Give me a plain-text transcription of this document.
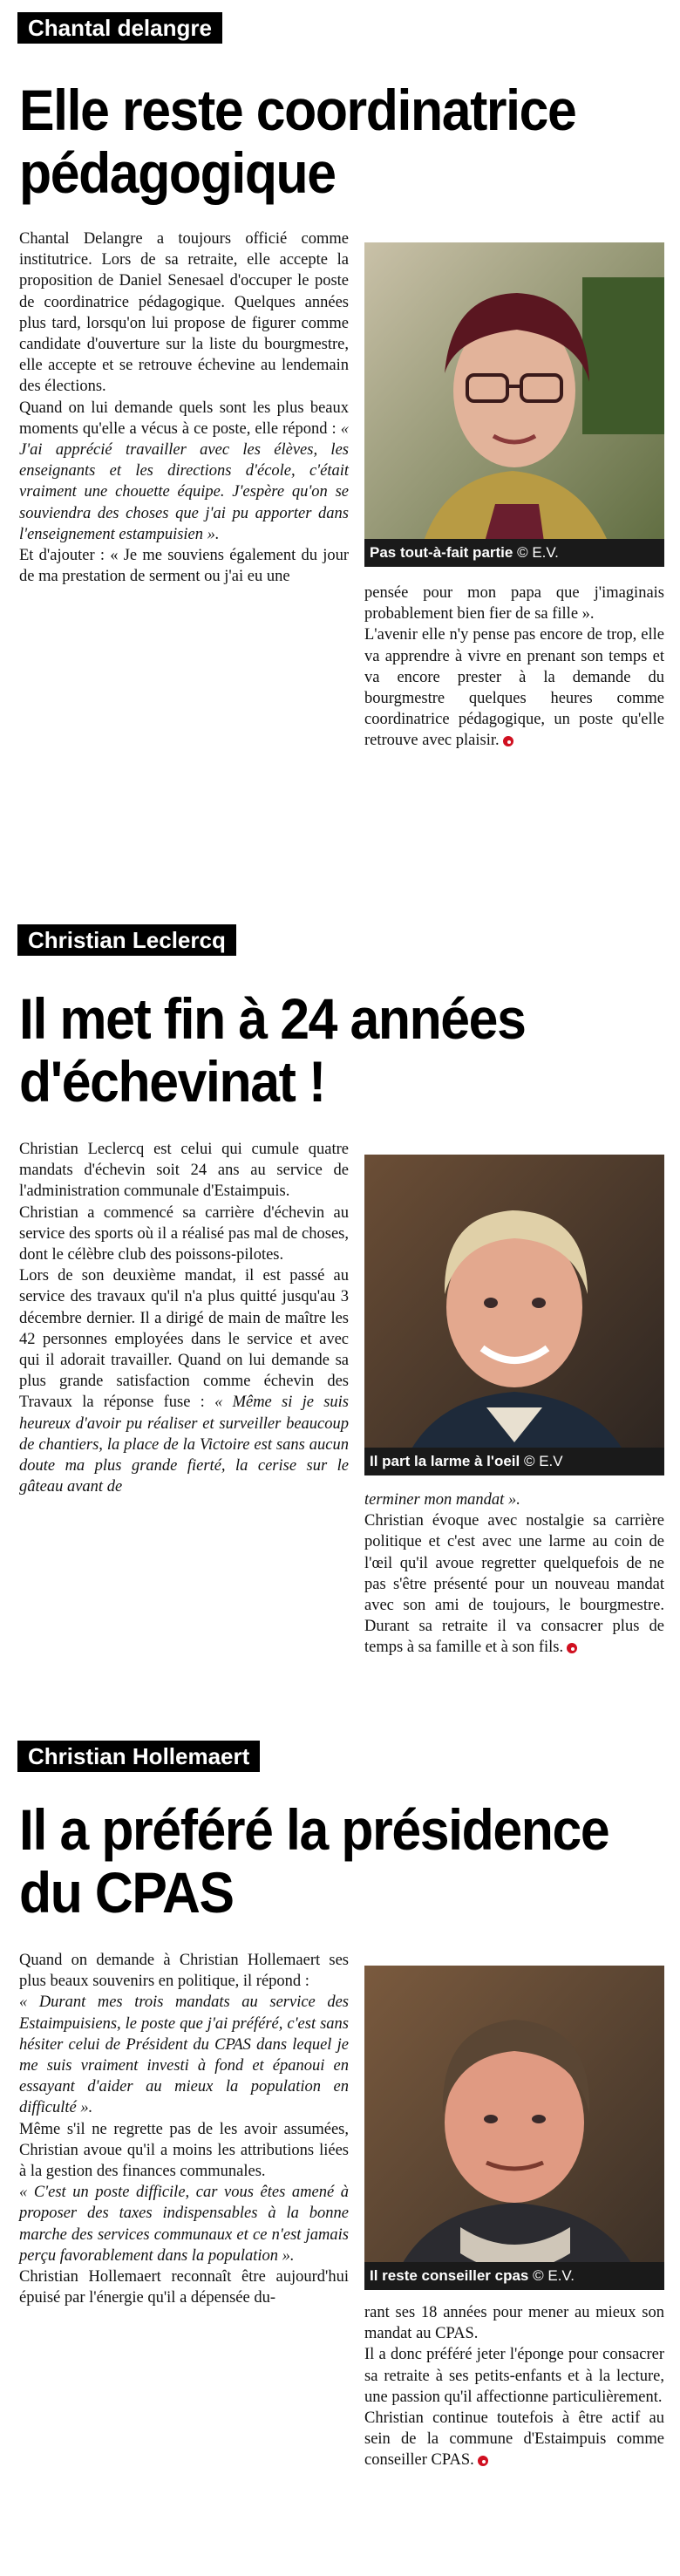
Chantal delangre
Elle reste coordinatrice pédagogique

Chantal Delangre a toujours officié comme institutrice. Lors de sa retraite, elle accepte la proposition de Daniel Senesael d'occuper le poste de coordinatrice pédagogique. Quelques années plus tard, lorsqu'on lui propose de figurer comme candidate d'ouverture sur la liste du bourgmestre, elle accepte et se retrouve échevine au lendemain des élections.

Quand on lui demande quels sont les plus beaux moments qu'elle a vécus à ce poste, elle répond : « J'ai apprécié travailler avec les élèves, les enseignants et les directions d'école, c'était vraiment une chouette équipe. J'espère qu'on se souviendra des choses que j'ai pu apporter dans l'enseignement estampuisien ».

Et d'ajouter : « Je me souviens également du jour de ma prestation de serment ou j'ai eu une

Pas tout-à-fait partie © E.V.

pensée pour mon papa que j'imaginais probablement bien fier de sa fille ».

L'avenir elle n'y pense pas encore de trop, elle va apprendre à vivre en prenant son temps et va encore prester à la demande du bourgmestre quelques heures comme coordinatrice pédagogique, un poste qu'elle retrouve avec plaisir.

Christian Leclercq
Il met fin à 24 années d'échevinat !

Christian Leclercq est celui qui cumule quatre mandats d'échevin soit 24 ans au service de l'administration communale d'Estaimpuis.

Christian a commencé sa carrière d'échevin au service des sports où il a réalisé pas mal de choses, dont le célèbre club des poissons-pilotes.

Lors de son deuxième mandat, il est passé au service des travaux qu'il n'a plus quitté jusqu'au 3 décembre dernier. Il a dirigé de main de maître les 42 personnes employées dans le service et avec qui il adorait travailler. Quand on lui demande sa plus grande satisfaction comme échevin des Travaux la réponse fuse : « Même si je suis heureux d'avoir pu réaliser et surveiller beaucoup de chantiers, la place de la Victoire est sans aucun doute ma plus grande fierté, la cerise sur le gâteau avant de

Il part la larme à l'oeil © E.V

terminer mon mandat ».

Christian évoque avec nostalgie sa carrière politique et c'est avec une larme au coin de l'œil qu'il avoue regretter quelquefois de ne pas s'être présenté pour un nouveau mandat avec son ami de toujours, le bourgmestre. Durant sa retraite il va consacrer plus de temps à sa famille et à son fils.

Christian Hollemaert
Il a préféré la présidence du CPAS

Quand on demande à Christian Hollemaert ses plus beaux souvenirs en politique, il répond :

« Durant mes trois mandats au service des Estaimpuisiens, le poste que j'ai préféré, c'est sans hésiter celui de Président du CPAS dans lequel je me suis vraiment investi à fond et épanoui en essayant d'aider au mieux la population en difficulté ».

Même s'il ne regrette pas de les avoir assumées, Christian avoue qu'il a moins les attributions liées à la gestion des finances communales.

« C'est un poste difficile, car vous êtes amené à proposer des taxes indispensables à la bonne marche des services communaux et ce n'est jamais perçu favorablement dans la population ».

Christian Hollemaert reconnaît être aujourd'hui épuisé par l'énergie qu'il a dépensée du-

Il reste conseiller cpas © E.V.

rant ses 18 années pour mener au mieux son mandat au CPAS.

Il a donc préféré jeter l'éponge pour consacrer sa retraite à ses petits-enfants et à la lecture, une passion qu'il affectionne particulièrement.

Christian continue toutefois à être actif au sein de la commune d'Estaimpuis comme conseiller CPAS.
